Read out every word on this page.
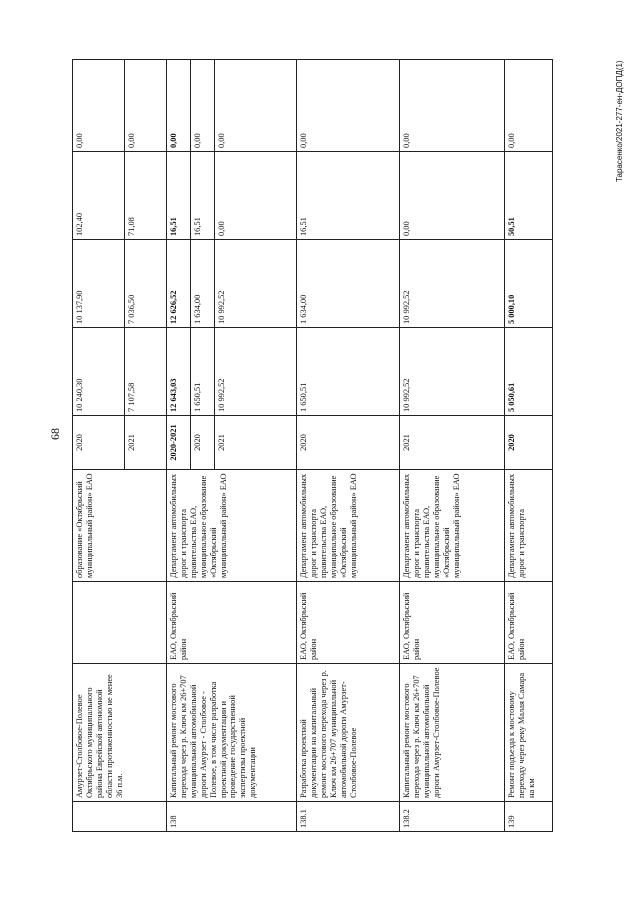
68
Тарасенко/2021-277-ен-ДОПД(1)
	Амурзет-Столбовое-Полевое Октябрьского муниципального района Еврейской автономной области протяженностью не менее 36 п.м.		образование «Октябрьский муниципальный район» ЕАО	2020	10 240,30	10 137,90	102,40	0,00
				2021	7 107,58	7 036,50	71,08	0,00
138	Капитальный ремонт мостового перехода через р. Ключ км 26+707 муниципальной автомобильной дороги Амурзет - Столбовое - Полевое, в том числе разработка проектной документации и проведение государственной экспертизы проектной документации	ЕАО, Октябрьский район	Департамент автомобильных дорог и транспорта правительства ЕАО, муниципальное образование «Октябрьский муниципальный район» ЕАО	2020-2021	12 643,03	12 626,52	16,51	0,00
				2020	1 650,51	1 634,00	16,51	0,00
				2021	10 992,52	10 992,52	0,00	0,00
138.1	Разработка проектной документации на капитальный ремонт мостового перехода через р. Ключ км 26+707 муниципальной автомобильной дороги Амурзет-Столбовое-Полевое	ЕАО, Октябрьский район	Департамент автомобильных дорог и транспорта правительства ЕАО, муниципальное образование «Октябрьский муниципальный район» ЕАО	2020	1 650,51	1 634,00	16,51	0,00
138.2	Капитальный ремонт мостового перехода через р. Ключ км 26+707 муниципальной автомобильной дороги Амурзет-Столбовое-Полевое	ЕАО, Октябрьский район	Департамент автомобильных дорог и транспорта правительства ЕАО, муниципальное образование «Октябрьский муниципальный район» ЕАО	2021	10 992,52	10 992,52	0,00	0,00
139	Ремонт подъезда к мостовому переходу через реку Малая Самара на км	ЕАО, Октябрьский район	Департамент автомобильных дорог и транспорта	2020	5 050,61	5 000,10	50,51	0,00
